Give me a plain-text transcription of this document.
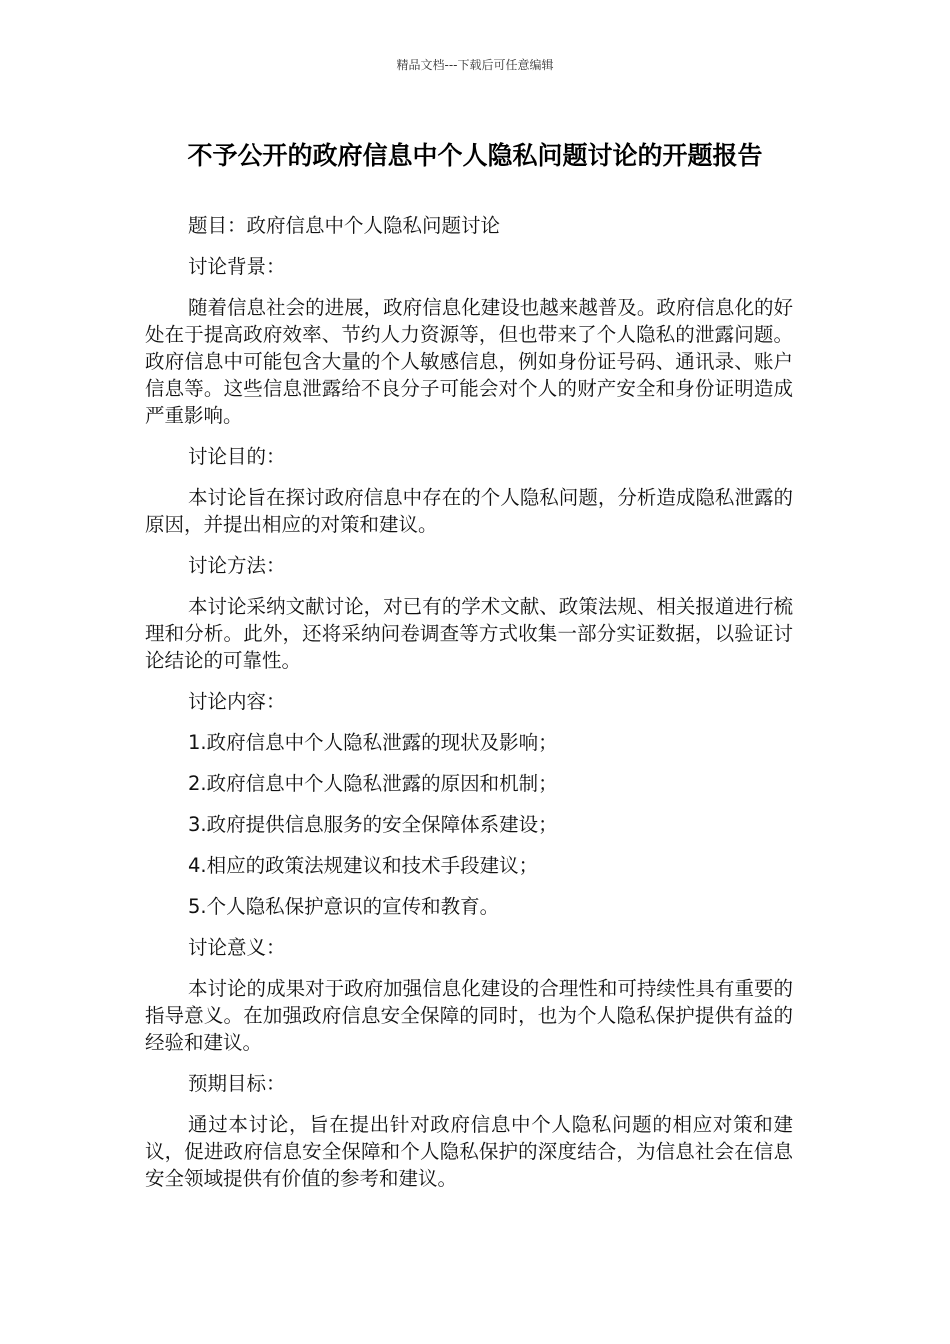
精品文档---下载后可任意编辑
不予公开的政府信息中个人隐私问题讨论的开题报告

题目：政府信息中个人隐私问题讨论

讨论背景：

随着信息社会的进展，政府信息化建设也越来越普及。政府信息化的好处在于提高政府效率、节约人力资源等，但也带来了个人隐私的泄露问题。政府信息中可能包含大量的个人敏感信息，例如身份证号码、通讯录、账户信息等。这些信息泄露给不良分子可能会对个人的财产安全和身份证明造成严重影响。

讨论目的：

本讨论旨在探讨政府信息中存在的个人隐私问题，分析造成隐私泄露的原因，并提出相应的对策和建议。

讨论方法：

本讨论采纳文献讨论，对已有的学术文献、政策法规、相关报道进行梳理和分析。此外，还将采纳问卷调查等方式收集一部分实证数据，以验证讨论结论的可靠性。

讨论内容：

1.政府信息中个人隐私泄露的现状及影响；

2.政府信息中个人隐私泄露的原因和机制；

3.政府提供信息服务的安全保障体系建设；

4.相应的政策法规建议和技术手段建议；

5.个人隐私保护意识的宣传和教育。

讨论意义：

本讨论的成果对于政府加强信息化建设的合理性和可持续性具有重要的指导意义。在加强政府信息安全保障的同时，也为个人隐私保护提供有益的经验和建议。

预期目标：

通过本讨论，旨在提出针对政府信息中个人隐私问题的相应对策和建议，促进政府信息安全保障和个人隐私保护的深度结合，为信息社会在信息安全领域提供有价值的参考和建议。
